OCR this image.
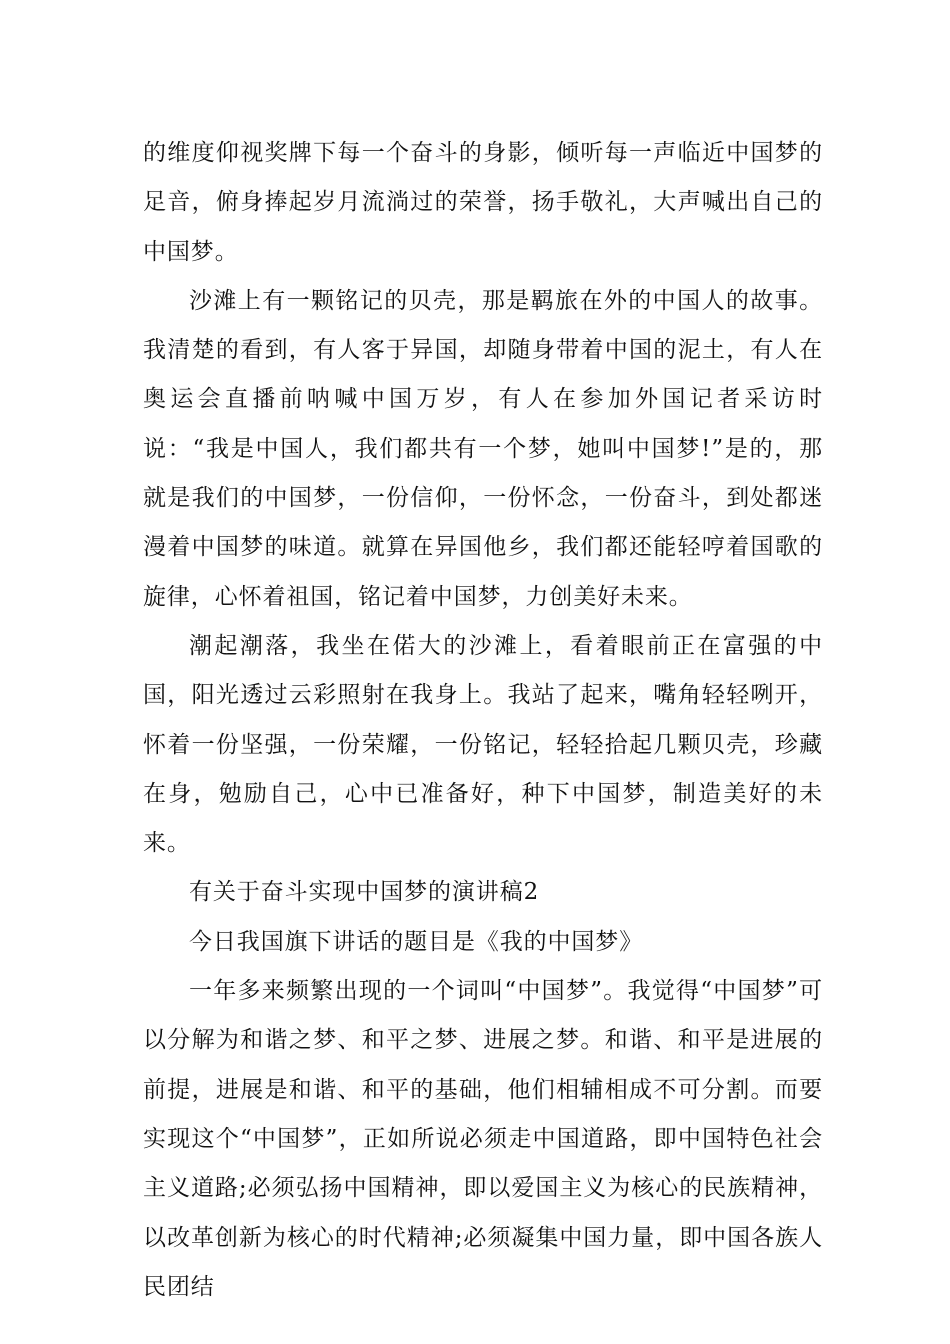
的维度仰视奖牌下每一个奋斗的身影，倾听每一声临近中国梦的足音，俯身捧起岁月流淌过的荣誉，扬手敬礼，大声喊出自己的中国梦。

沙滩上有一颗铭记的贝壳，那是羁旅在外的中国人的故事。我清楚的看到，有人客于异国，却随身带着中国的泥土，有人在奥运会直播前呐喊中国万岁，有人在参加外国记者采访时说：“我是中国人，我们都共有一个梦，她叫中国梦!”是的，那就是我们的中国梦，一份信仰，一份怀念，一份奋斗，到处都迷漫着中国梦的味道。就算在异国他乡，我们都还能轻哼着国歌的旋律，心怀着祖国，铭记着中国梦，力创美好未来。

潮起潮落，我坐在偌大的沙滩上，看着眼前正在富强的中国，阳光透过云彩照射在我身上。我站了起来，嘴角轻轻咧开，怀着一份坚强，一份荣耀，一份铭记，轻轻拾起几颗贝壳，珍藏在身，勉励自己，心中已准备好，种下中国梦，制造美好的未来。

有关于奋斗实现中国梦的演讲稿2

今日我国旗下讲话的题目是《我的中国梦》

一年多来频繁出现的一个词叫“中国梦”。我觉得“中国梦”可以分解为和谐之梦、和平之梦、进展之梦。和谐、和平是进展的前提，进展是和谐、和平的基础，他们相辅相成不可分割。而要实现这个“中国梦”，正如所说必须走中国道路，即中国特色社会主义道路;必须弘扬中国精神，即以爱国主义为核心的民族精神，以改革创新为核心的时代精神;必须凝集中国力量，即中国各族人民团结
